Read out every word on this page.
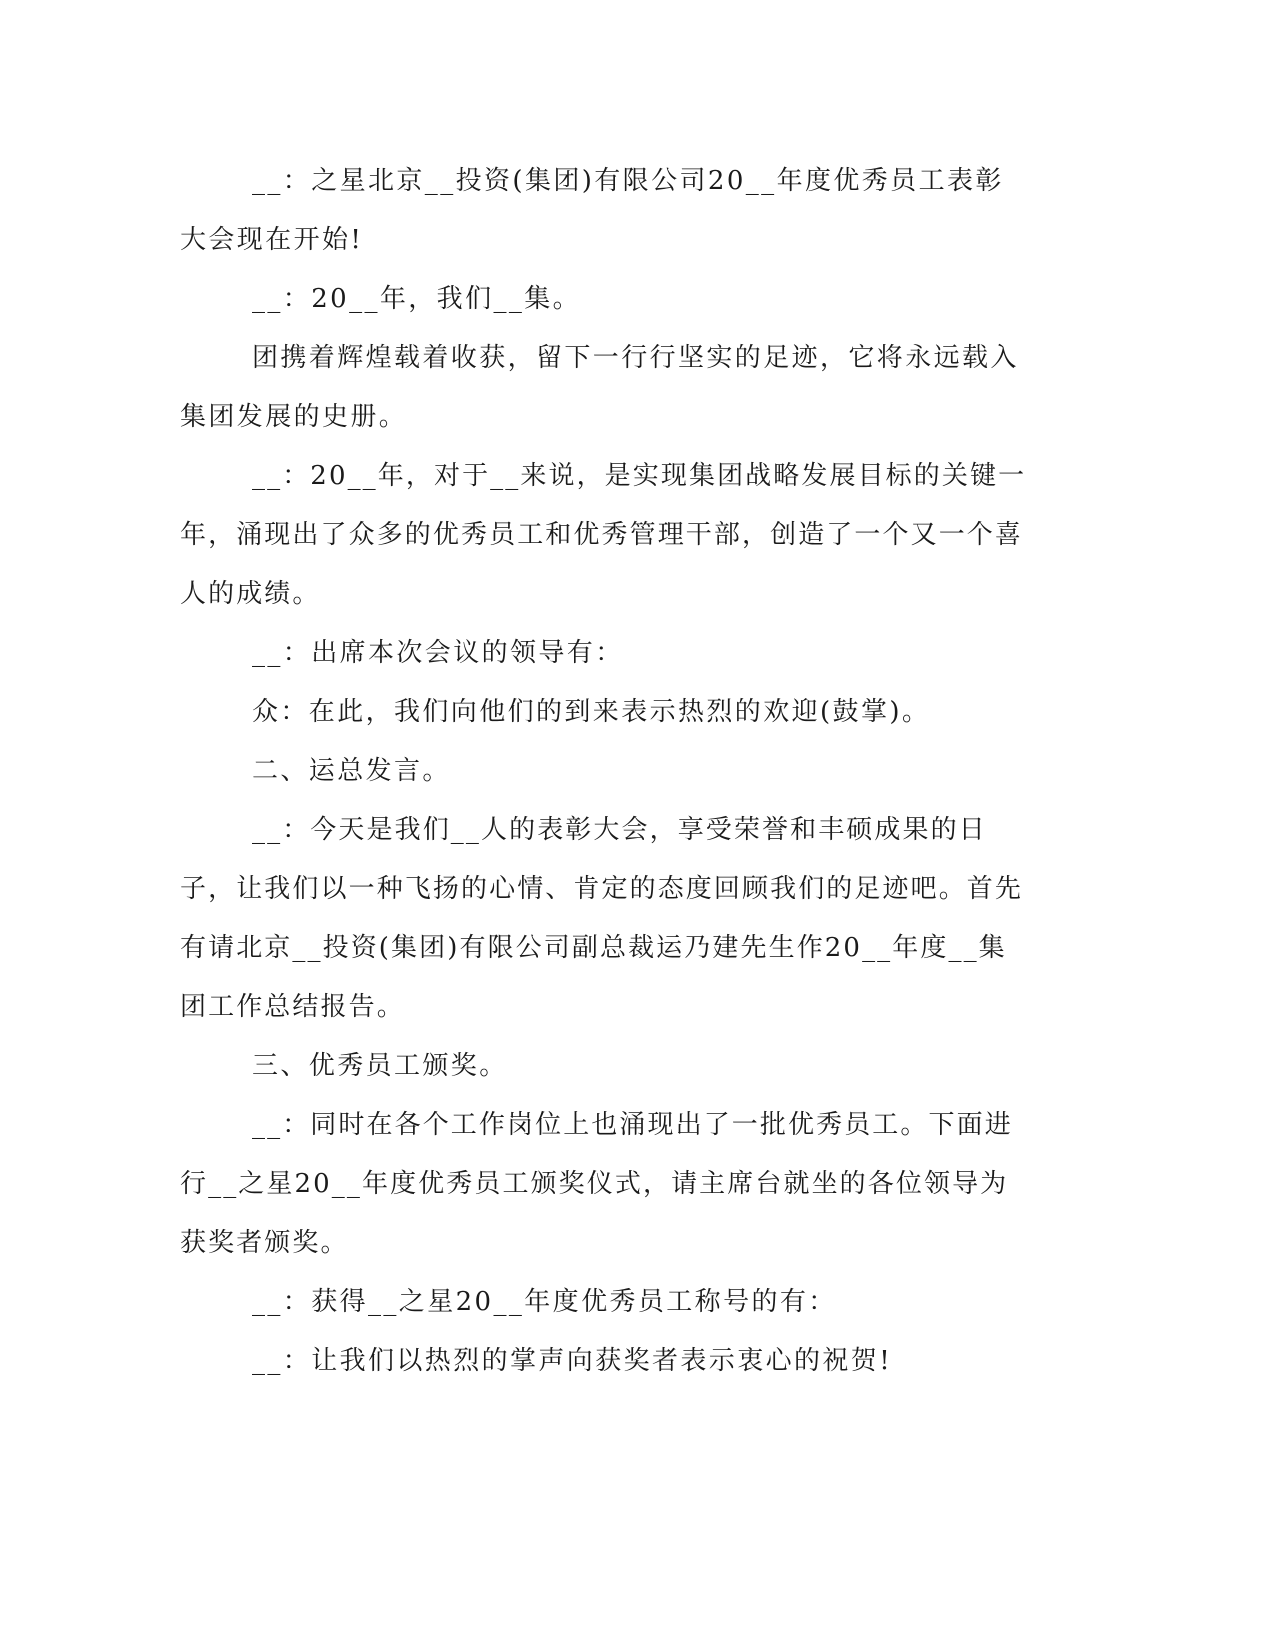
__：之星北京__投资(集团)有限公司20__年度优秀员工表彰大会现在开始!

__：20__年，我们__集。

团携着辉煌载着收获，留下一行行坚实的足迹，它将永远载入集团发展的史册。

__：20__年，对于__来说，是实现集团战略发展目标的关键一年，涌现出了众多的优秀员工和优秀管理干部，创造了一个又一个喜人的成绩。

__：出席本次会议的领导有：

众：在此，我们向他们的到来表示热烈的欢迎(鼓掌)。

二、运总发言。

__：今天是我们__人的表彰大会，享受荣誉和丰硕成果的日子，让我们以一种飞扬的心情、肯定的态度回顾我们的足迹吧。首先有请北京__投资(集团)有限公司副总裁运乃建先生作20__年度__集团工作总结报告。

三、优秀员工颁奖。

__：同时在各个工作岗位上也涌现出了一批优秀员工。下面进行__之星20__年度优秀员工颁奖仪式，请主席台就坐的各位领导为获奖者颁奖。

__：获得__之星20__年度优秀员工称号的有：

__：让我们以热烈的掌声向获奖者表示衷心的祝贺!
